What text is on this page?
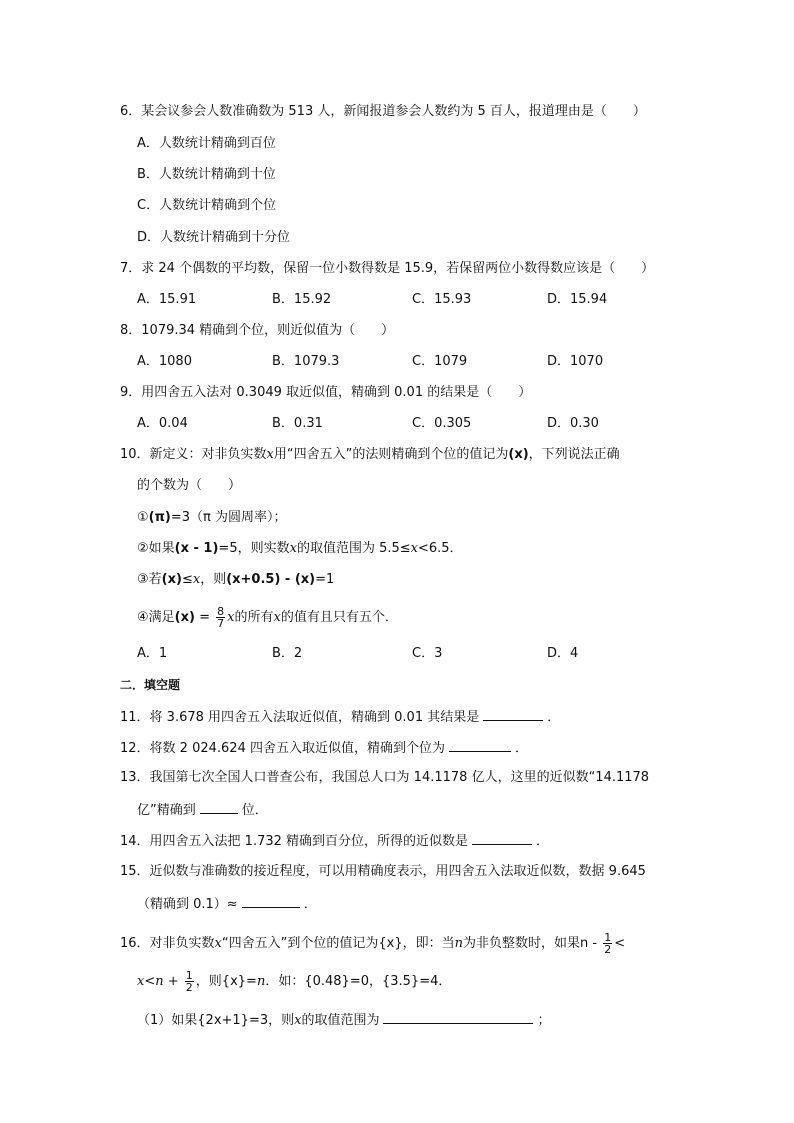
6．某会议参会人数准确数为 513 人，新闻报道参会人数约为 5 百人，报道理由是（　　）
A．人数统计精确到百位
B．人数统计精确到十位
C．人数统计精确到个位
D．人数统计精确到十分位
7．求 24 个偶数的平均数，保留一位小数得数是 15.9，若保留两位小数得数应该是（　　）
A．15.91	B．15.92	C．15.93	D．15.94
8．1079.34 精确到个位，则近似值为（　　）
A．1080	B．1079.3	C．1079	D．1070
9．用四舍五入法对 0.3049 取近似值，精确到 0.01 的结果是（　　）
A．0.04	B．0.31	C．0.305	D．0.30
10．新定义：对非负实数x用“四舍五入”的法则精确到个位的值记为(x)，下列说法正确
的个数为（　　）
①(π)=3（π 为圆周率）；
②如果(x - 1)=5，则实数x的取值范围为 5.5≤x<6.5．
③若(x)≤x，则(x+0.5) - (x)=1
④满足$(x) = \frac{8}{7}$ x的所有x的值有且只有五个．
A．1	B．2	C．3	D．4
二．填空题
11．将 3.678 用四舍五入法取近似值，精确到 0.01 其结果是	．
12．将数 2 024.624 四舍五入取近似值，精确到个位为	．
13．我国第七次全国人口普查公布，我国总人口为 14.1178 亿人，这里的近似数“14.1178
亿”精确到	位．
14．用四舍五入法把 1.732 精确到百分位，所得的近似数是	．
15．近似数与准确数的接近程度，可以用精确度表示，用四舍五入法取近似数，数据 9.645
（精确到 0.1）≈	．
16．对非负实数x“四舍五入”到个位的值记为{x}，即：当n为非负整数时，如果n - $\frac{1}{2}$ <
$x<n + \frac{1}{2}$ ，则{x}=n．如：{0.48}=0，{3.5}=4．
（1）如果{2x+1}=3，则x的取值范围为	；
